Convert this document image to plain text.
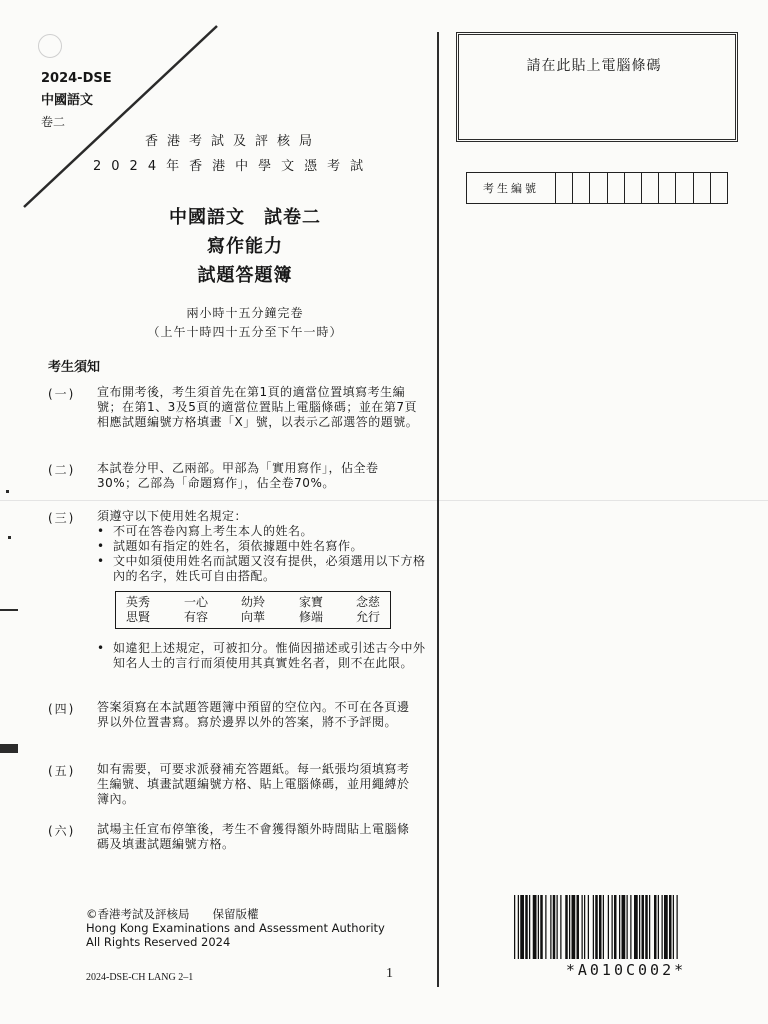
2024-DSE
中國語文
卷二
香港考試及評核局
2024年香港中學文憑考試
中國語文　試卷二
寫作能力
試題答題簿
兩小時十五分鐘完卷
（上午十時四十五分至下午一時）
考生須知
(一) 宣布開考後，考生須首先在第1頁的適當位置填寫考生編號；在第1、3及5頁的適當位置貼上電腦條碼；並在第7頁相應試題編號方格填畫「X」號，以表示乙部選答的題號。
(二) 本試卷分甲、乙兩部。甲部為「實用寫作」，佔全卷30%；乙部為「命題寫作」，佔全卷70%。
(三) 須遵守以下使用姓名規定：
• 不可在答卷內寫上考生本人的姓名。
• 試題如有指定的姓名，須依據題中姓名寫作。
• 文中如須使用姓名而試題又沒有提供，必須選用以下方格內的名字，姓氏可自由搭配。
英秀	一心	幼羚	家寶	念慈
思賢	有容	向華	修端	允行
• 如違犯上述規定，可被扣分。惟倘因描述或引述古今中外知名人士的言行而須使用其真實姓名者，則不在此限。
(四) 答案須寫在本試題答題簿中預留的空位內。不可在各頁邊界以外位置書寫。寫於邊界以外的答案，將不予評閱。
(五) 如有需要，可要求派發補充答題紙。每一紙張均須填寫考生編號、填畫試題編號方格、貼上電腦條碼，並用繩縛於簿內。
(六) 試場主任宣布停筆後，考生不會獲得額外時間貼上電腦條碼及填畫試題編號方格。
請在此貼上電腦條碼
考生編號
©香港考試及評核局　　保留版權
Hong Kong Examinations and Assessment Authority
All Rights Reserved 2024
2024-DSE-CH LANG 2–1	1	*A010C002*
